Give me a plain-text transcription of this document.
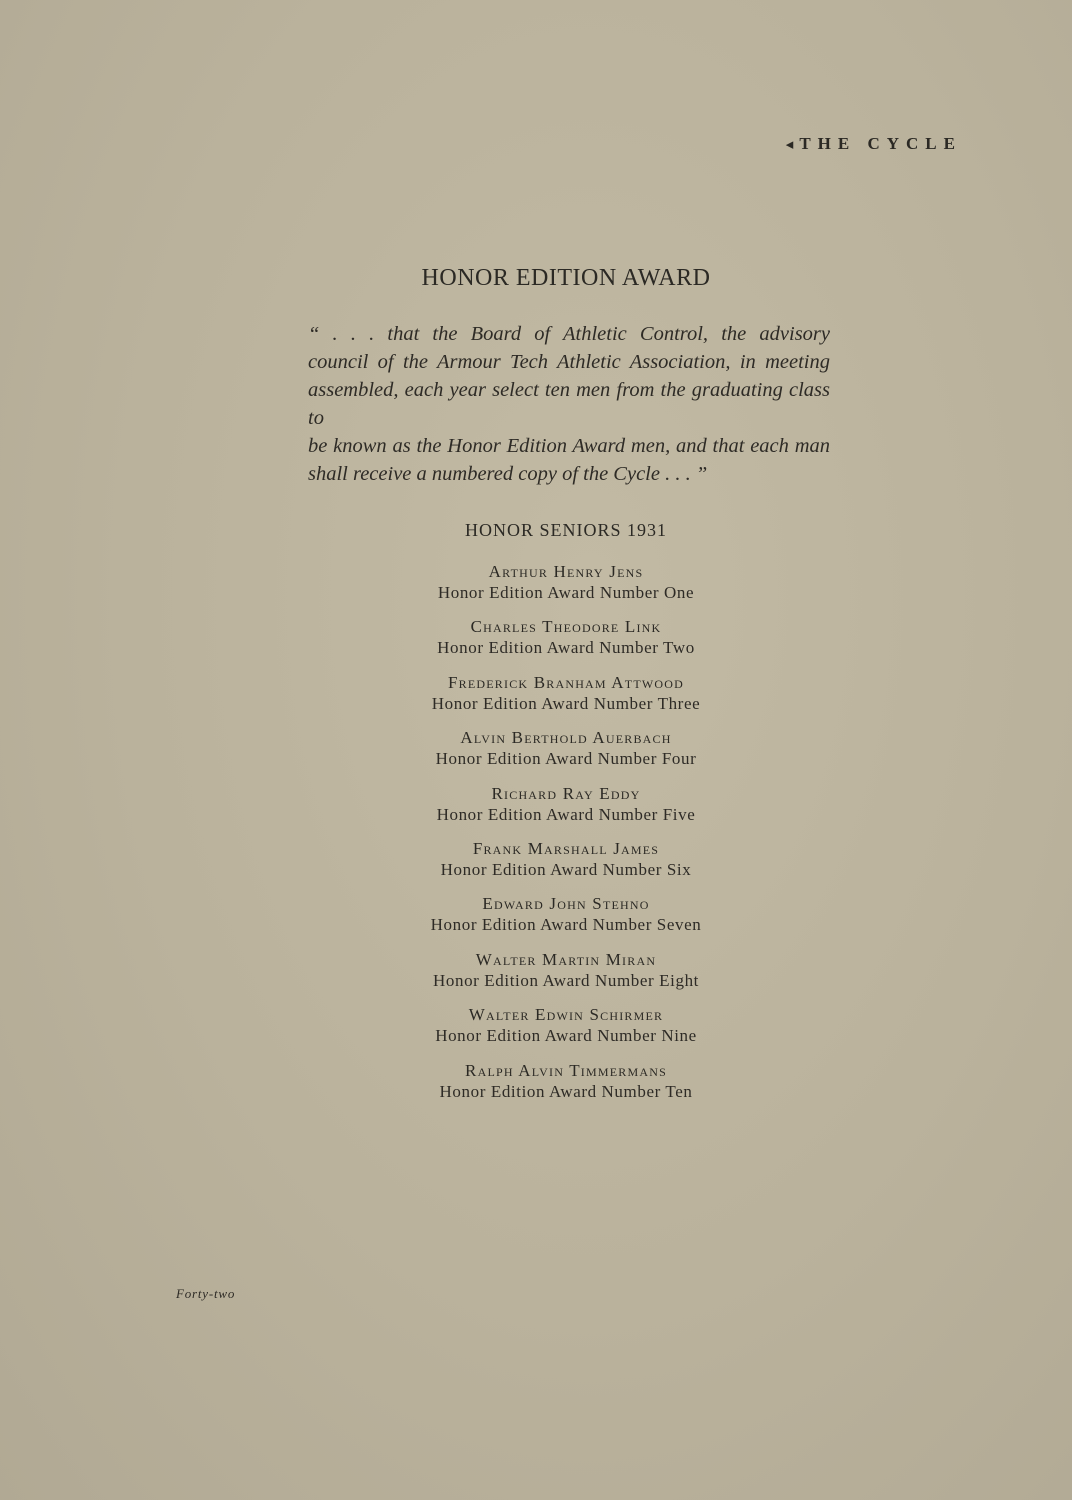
◂ THE CYCLE
HONOR EDITION AWARD

“ . . . that the Board of Athletic Control, the advisory

council of the Armour Tech Athletic Association, in meeting

assembled, each year select ten men from the graduating class to

be known as the Honor Edition Award men, and that each man

shall receive a numbered copy of the Cycle . . . ”

HONOR SENIORS 1931
Arthur Henry Jens
Honor Edition Award Number One
Charles Theodore Link
Honor Edition Award Number Two
Frederick Branham Attwood
Honor Edition Award Number Three
Alvin Berthold Auerbach
Honor Edition Award Number Four
Richard Ray Eddy
Honor Edition Award Number Five
Frank Marshall James
Honor Edition Award Number Six
Edward John Stehno
Honor Edition Award Number Seven
Walter Martin Miran
Honor Edition Award Number Eight
Walter Edwin Schirmer
Honor Edition Award Number Nine
Ralph Alvin Timmermans
Honor Edition Award Number Ten
Forty-two
